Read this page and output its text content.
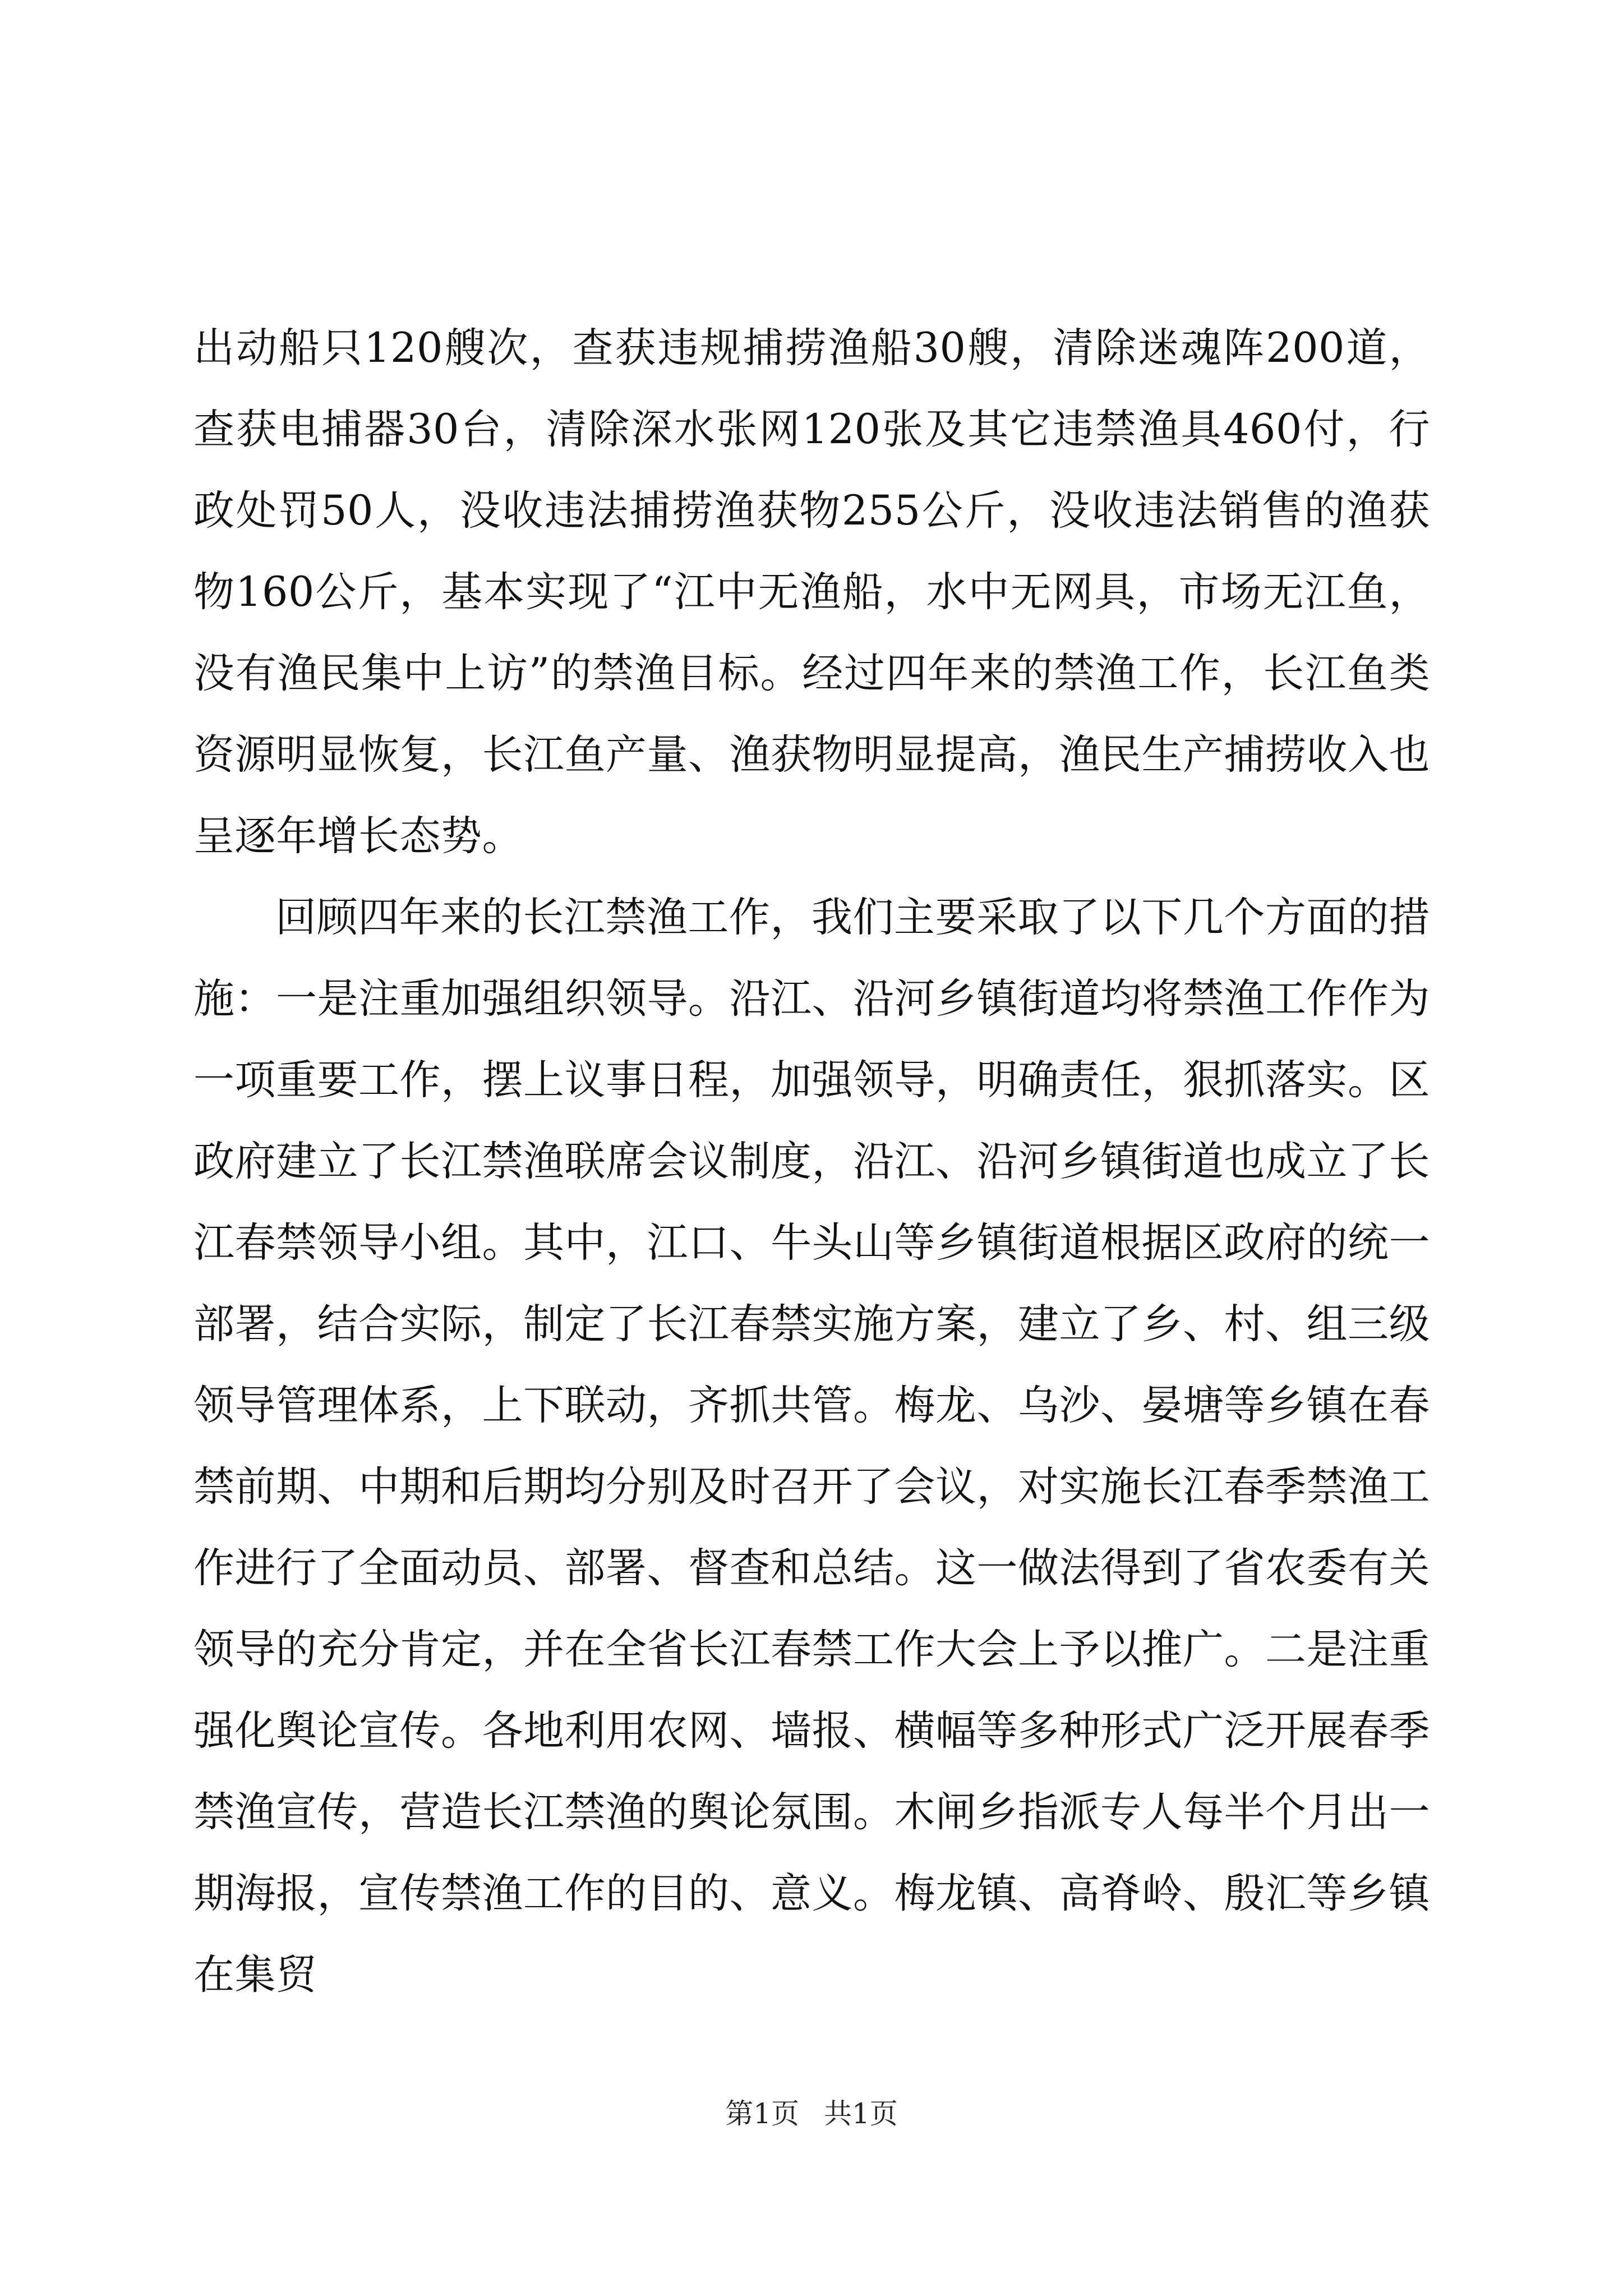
出动船只120艘次，查获违规捕捞渔船30艘，清除迷魂阵200道，查获电捕器30台，清除深水张网120张及其它违禁渔具460付，行政处罚50人，没收违法捕捞渔获物255公斤，没收违法销售的渔获物160公斤，基本实现了“江中无渔船，水中无网具，市场无江鱼，没有渔民集中上访”的禁渔目标。经过四年来的禁渔工作，长江鱼类资源明显恢复，长江鱼产量、渔获物明显提高，渔民生产捕捞收入也呈逐年增长态势。

回顾四年来的长江禁渔工作，我们主要采取了以下几个方面的措施：一是注重加强组织领导。沿江、沿河乡镇街道均将禁渔工作作为一项重要工作，摆上议事日程，加强领导，明确责任，狠抓落实。区政府建立了长江禁渔联席会议制度，沿江、沿河乡镇街道也成立了长江春禁领导小组。其中，江口、牛头山等乡镇街道根据区政府的统一部署，结合实际，制定了长江春禁实施方案，建立了乡、村、组三级领导管理体系，上下联动，齐抓共管。梅龙、乌沙、晏塘等乡镇在春禁前期、中期和后期均分别及时召开了会议，对实施长江春季禁渔工作进行了全面动员、部署、督查和总结。这一做法得到了省农委有关领导的充分肯定，并在全省长江春禁工作大会上予以推广。二是注重强化舆论宣传。各地利用农网、墙报、横幅等多种形式广泛开展春季禁渔宣传，营造长江禁渔的舆论氛围。木闸乡指派专人每半个月出一期海报，宣传禁渔工作的目的、意义。梅龙镇、高脊岭、殷汇等乡镇在集贸

第1页 共1页
